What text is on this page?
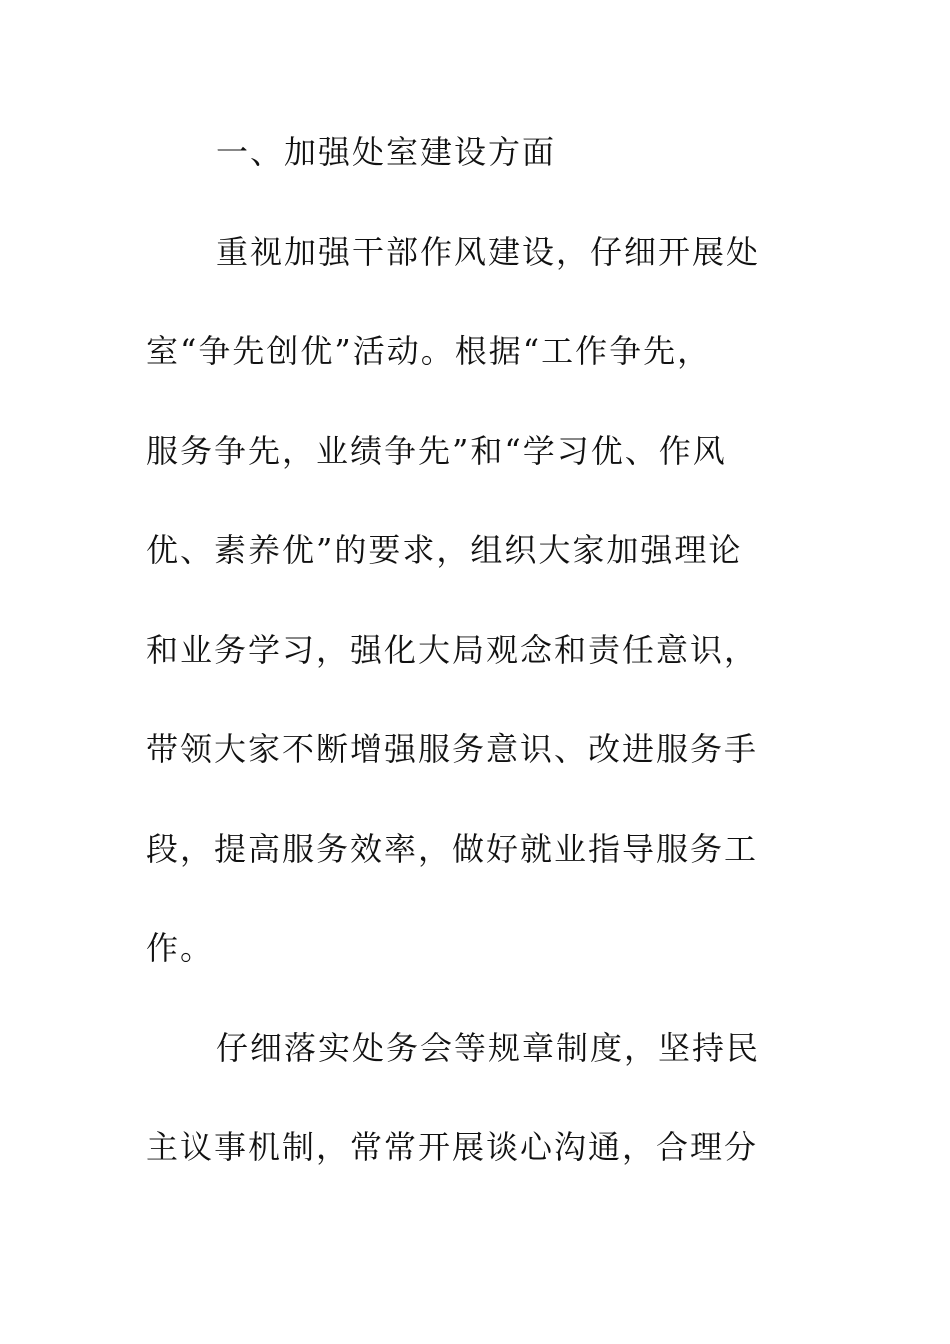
一、加强处室建设方面
重视加强干部作风建设，仔细开展处
室“争先创优”活动。根据“工作争先，
服务争先，业绩争先”和“学习优、作风
优、素养优”的要求，组织大家加强理论
和业务学习，强化大局观念和责任意识，
带领大家不断增强服务意识、改进服务手
段，提高服务效率，做好就业指导服务工
作。
仔细落实处务会等规章制度，坚持民
主议事机制，常常开展谈心沟通，合理分
